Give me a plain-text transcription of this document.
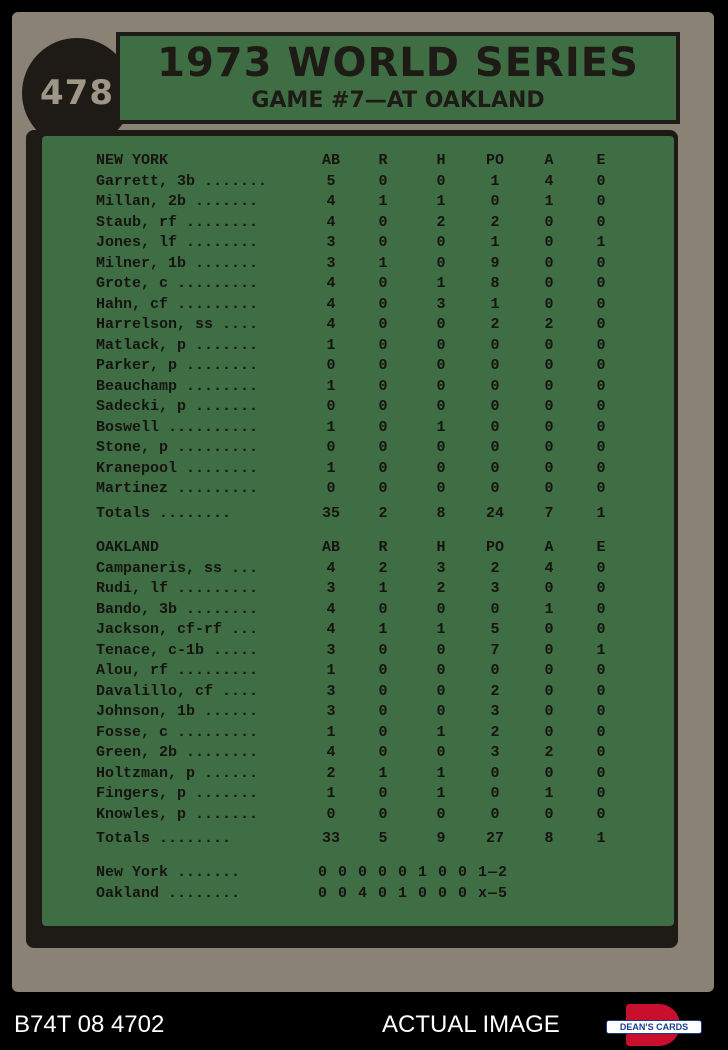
478
1973 WORLD SERIES
GAME #7—AT OAKLAND
NEW YORK	AB	R	H	PO	A	E
Garrett, 3b .......	5	0	0	1	4	0
Millan, 2b .......	4	1	1	0	1	0
Staub, rf ........	4	0	2	2	0	0
Jones, lf ........	3	0	0	1	0	1
Milner, 1b .......	3	1	0	9	0	0
Grote, c .........	4	0	1	8	0	0
Hahn, cf .........	4	0	3	1	0	0
Harrelson, ss ....	4	0	0	2	2	0
Matlack, p .......	1	0	0	0	0	0
Parker, p ........	0	0	0	0	0	0
Beauchamp ........	1	0	0	0	0	0
Sadecki, p .......	0	0	0	0	0	0
Boswell ..........	1	0	1	0	0	0
Stone, p .........	0	0	0	0	0	0
Kranepool ........	1	0	0	0	0	0
Martinez .........	0	0	0	0	0	0
Totals ........	35	2	8	24	7	1
OAKLAND	AB	R	H	PO	A	E
Campaneris, ss ...	4	2	3	2	4	0
Rudi, lf .........	3	1	2	3	0	0
Bando, 3b ........	4	0	0	0	1	0
Jackson, cf-rf ...	4	1	1	5	0	0
Tenace, c-1b .....	3	0	0	7	0	1
Alou, rf .........	1	0	0	0	0	0
Davalillo, cf ....	3	0	0	2	0	0
Johnson, 1b ......	3	0	0	3	0	0
Fosse, c .........	1	0	1	2	0	0
Green, 2b ........	4	0	0	3	2	0
Holtzman, p ......	2	1	1	0	0	0
Fingers, p .......	1	0	1	0	1	0
Knowles, p .......	0	0	0	0	0	0
Totals ........	33	5	9	27	8	1
New York .......	0 0 0 0 0 1 0 0 1—2
Oakland ........	0 0 4 0 1 0 0 0 x—5
**©T.C.G. PRTD. IN U.S.A.
B74T 08 4702	ACTUAL IMAGE	DEAN'S CARDS
